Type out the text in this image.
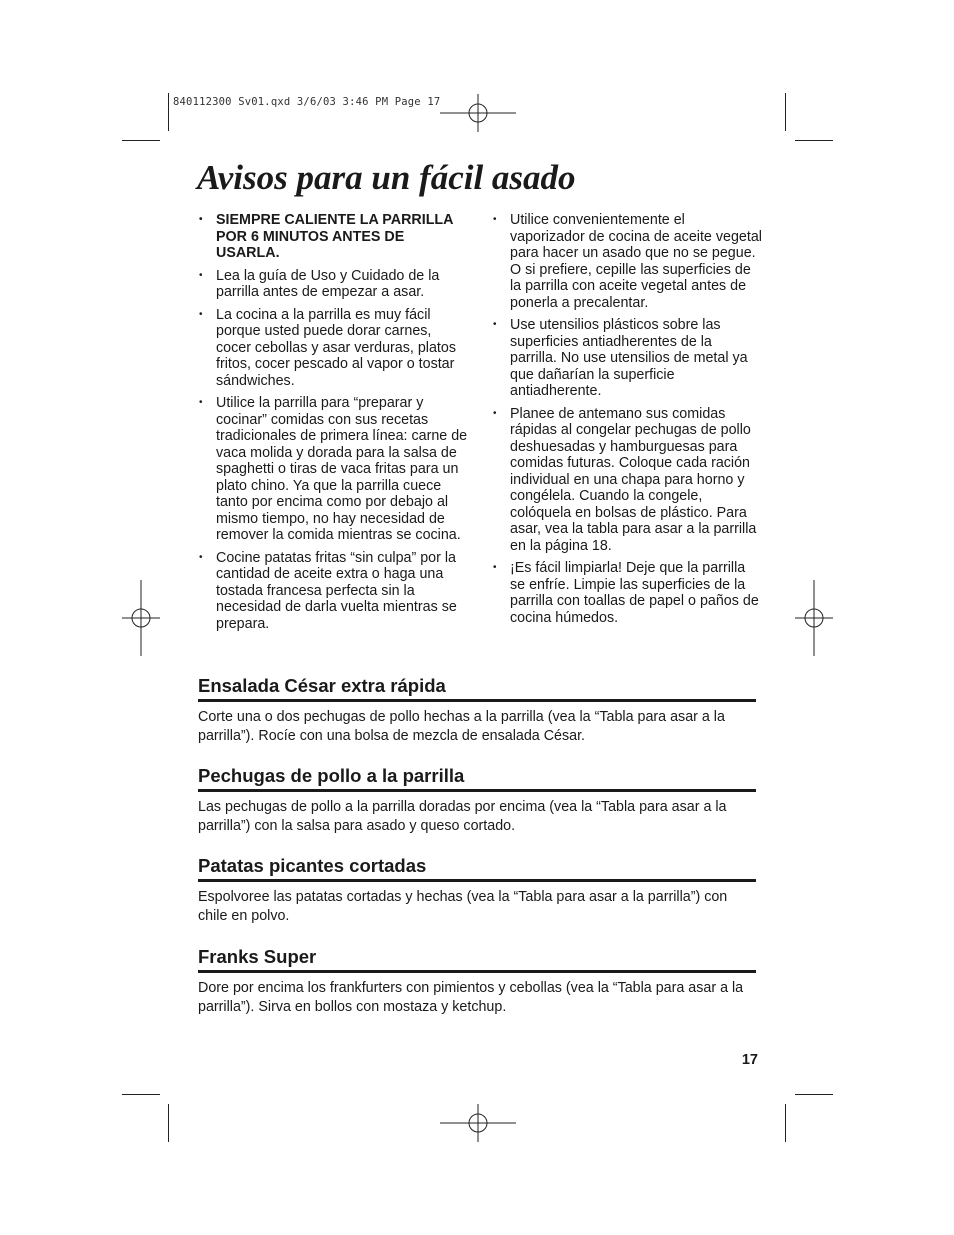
840112300 Sv01.qxd 3/6/03 3:46 PM Page 17
Avisos para un fácil asado
• SIEMPRE CALIENTE LA PARRILLA POR 6 MINUTOS ANTES DE USARLA.
• Lea la guía de Uso y Cuidado de la parrilla antes de empezar a asar.
• La cocina a la parrilla es muy fácil porque usted puede dorar carnes, cocer cebollas y asar verduras, platos fritos, cocer pescado al vapor o tostar sándwiches.
• Utilice la parrilla para “preparar y cocinar” comidas con sus recetas tradicionales de primera línea: carne de vaca molida y dorada para la salsa de spaghetti o tiras de vaca fritas para un plato chino. Ya que la parrilla cuece tanto por encima como por debajo al mismo tiempo, no hay necesidad de remover la comida mientras se cocina.
• Cocine patatas fritas “sin culpa” por la cantidad de aceite extra o haga una tostada francesa perfecta sin la necesidad de darla vuelta mientras se prepara.
• Utilice convenientemente el vaporizador de cocina de aceite vegetal para hacer un asado que no se pegue. O si prefiere, cepille las superficies de la parrilla con aceite vegetal antes de ponerla a precalentar.
• Use utensilios plásticos sobre las superficies antiadherentes de la parrilla. No use utensilios de metal ya que dañarían la superficie antiadherente.
• Planee de antemano sus comidas rápidas al congelar pechugas de pollo deshuesadas y hamburguesas para comidas futuras. Coloque cada ración individual en una chapa para horno y congélela. Cuando la congele, colóquela en bolsas de plástico. Para asar, vea la tabla para asar a la parrilla en la página 18.
• ¡Es fácil limpiarla! Deje que la parrilla se enfríe. Limpie las superficies de la parrilla con toallas de papel o paños de cocina húmedos.
Ensalada César extra rápida

Corte una o dos pechugas de pollo hechas a la parrilla (vea la “Tabla para asar a la parrilla”). Rocíe con una bolsa de mezcla de ensalada César.

Pechugas de pollo a la parrilla

Las pechugas de pollo a la parrilla doradas por encima (vea la “Tabla para asar a la parrilla”) con la salsa para asado y queso cortado.

Patatas picantes cortadas

Espolvoree las patatas cortadas y hechas (vea la “Tabla para asar a la parrilla”) con chile en polvo.

Franks Super

Dore por encima los frankfurters con pimientos y cebollas (vea la “Tabla para asar a la parrilla”). Sirva en bollos con mostaza y ketchup.

17
